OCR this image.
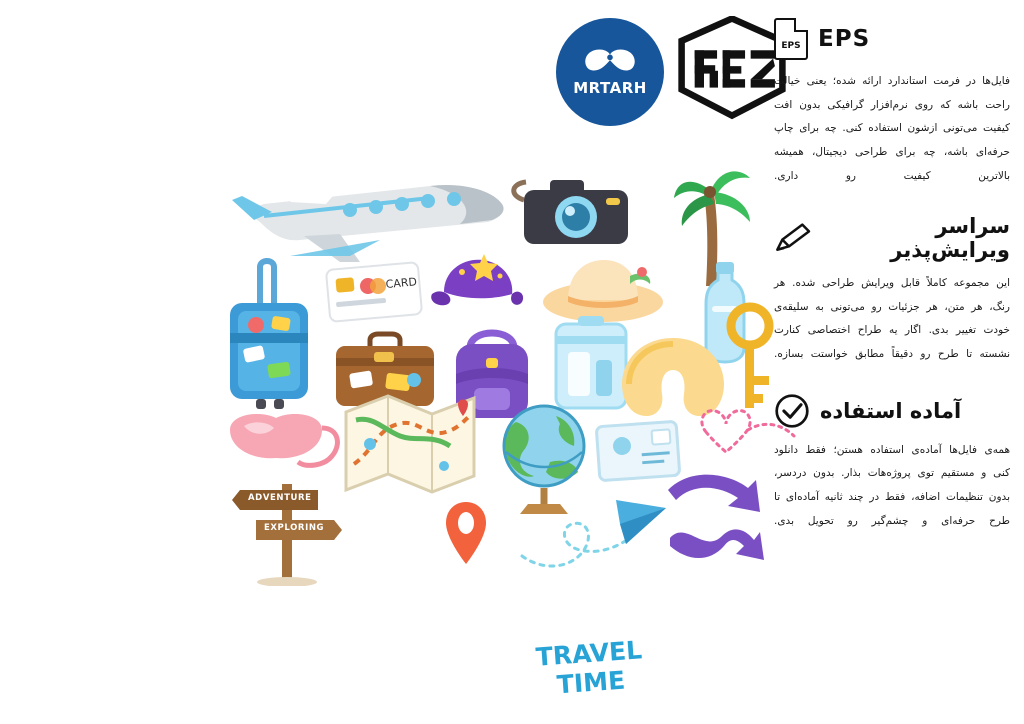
MRTARH
CARD
ADVENTURE
EXPLORING
TRAVEL
TIME
EPS
EPS
فایل‌ها در فرمت استاندارد ارائه شده؛ یعنی خیالت راحت باشه که روی نرم‌افزار گرافیکی بدون افت کیفیت می‌تونی ازشون استفاده کنی. چه برای چاپ حرفه‌ای باشه، چه برای طراحی دیجیتال، همیشه بالاترین کیفیت رو داری.
سراسر ویرایش‌پذیر
این مجموعه کاملاً قابل ویرایش طراحی شده. هر رنگ، هر متن، هر جزئیات رو می‌تونی به سلیقه‌ی خودت تغییر بدی. اگار یه طراح اختصاصی کنارت نشسته تا طرح رو دقیقاً مطابق خواستت بسازه.
آماده استفاده
همه‌ی فایل‌ها آماده‌ی استفاده هستن؛ فقط دانلود کنی و مستقیم توی پروژه‌هات بذار. بدون دردسر، بدون تنظیمات اضافه، فقط در چند ثانیه آماده‌ای تا طرح حرفه‌ای و چشم‌گیر رو تحویل بدی.
